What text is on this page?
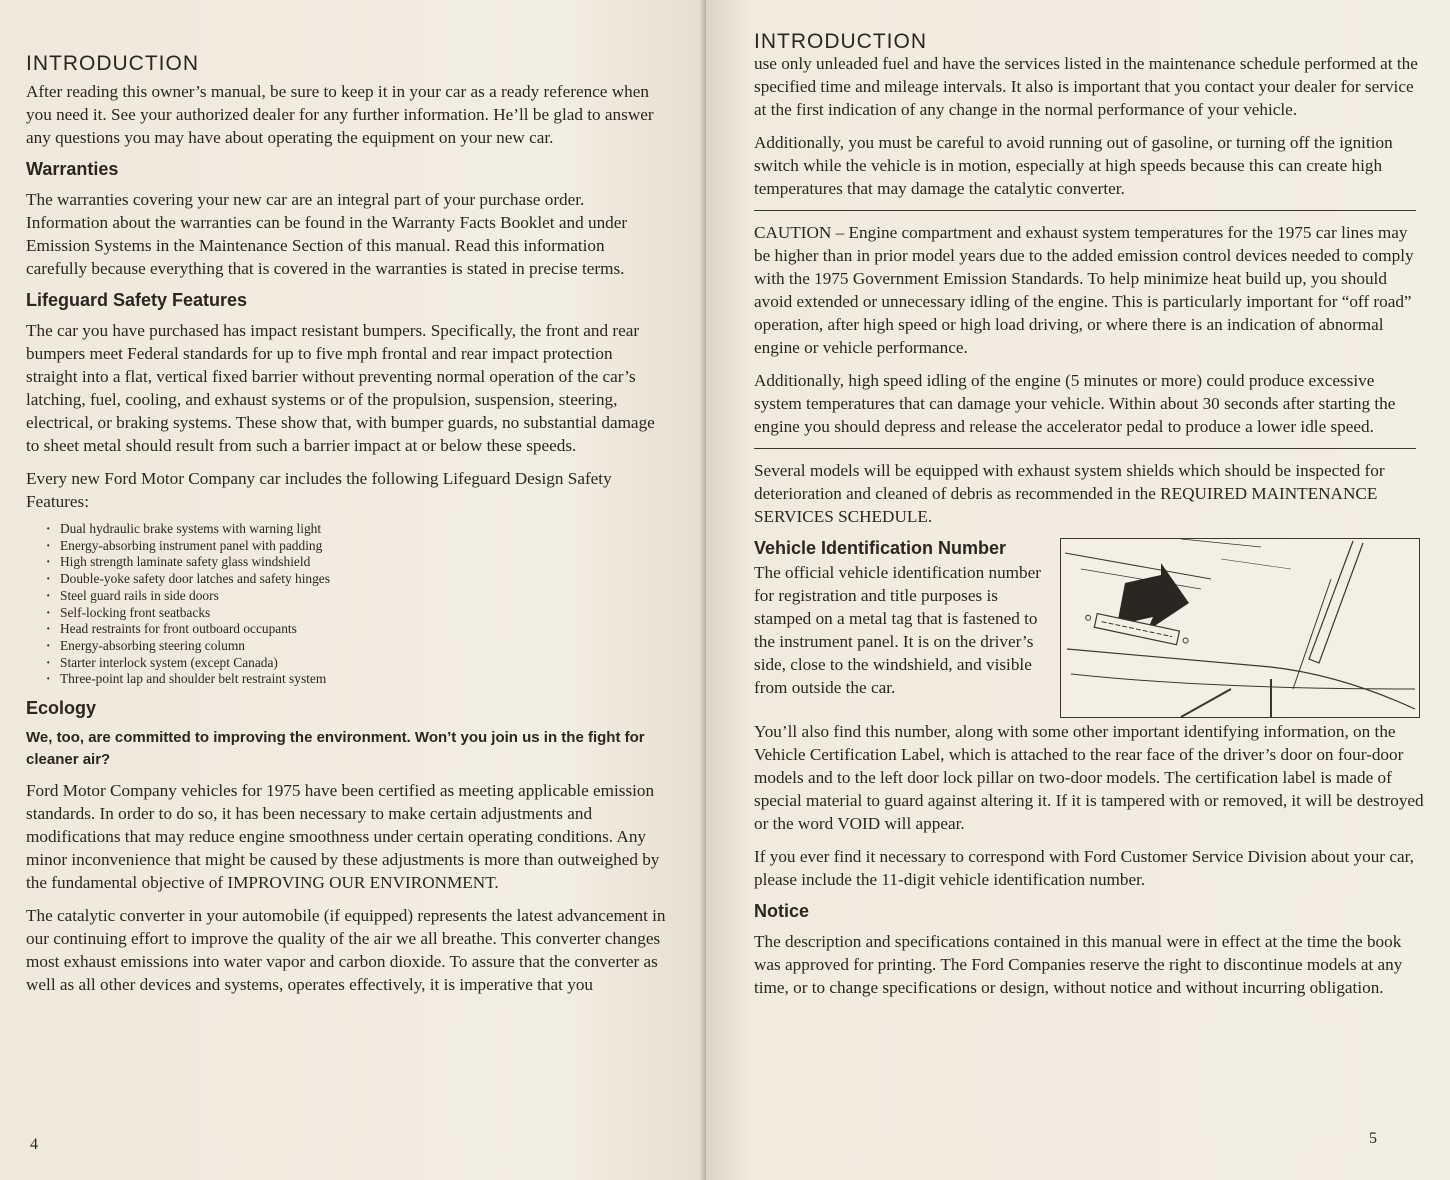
INTRODUCTION

After reading this owner’s manual, be sure to keep it in your car as a ready reference when you need it. See your authorized dealer for any further information. He’ll be glad to answer any questions you may have about operating the equipment on your new car.

Warranties

The warranties covering your new car are an integral part of your purchase order. Information about the warranties can be found in the Warranty Facts Booklet and under Emission Systems in the Maintenance Section of this manual. Read this information carefully because everything that is covered in the warranties is stated in precise terms.

Lifeguard Safety Features

The car you have purchased has impact resistant bumpers. Specifically, the front and rear bumpers meet Federal standards for up to five mph frontal and rear impact protection straight into a flat, vertical fixed barrier without preventing normal operation of the car’s latching, fuel, cooling, and exhaust systems or of the propulsion, suspension, steering, electrical, or braking systems. These show that, with bumper guards, no substantial damage to sheet metal should result from such a barrier impact at or below these speeds.

Every new Ford Motor Company car includes the following Lifeguard Design Safety Features:

· Dual hydraulic brake systems with warning light
· Energy-absorbing instrument panel with padding
· High strength laminate safety glass windshield
· Double-yoke safety door latches and safety hinges
· Steel guard rails in side doors
· Self-locking front seatbacks
· Head restraints for front outboard occupants
· Energy-absorbing steering column
· Starter interlock system (except Canada)
· Three-point lap and shoulder belt restraint system
Ecology

We, too, are committed to improving the environment. Won’t you join us in the fight for cleaner air?

Ford Motor Company vehicles for 1975 have been certified as meeting applicable emission standards. In order to do so, it has been necessary to make certain adjustments and modifications that may reduce engine smoothness under certain operating conditions. Any minor inconvenience that might be caused by these adjustments is more than outweighed by the fundamental objective of IMPROVING OUR ENVIRONMENT.

The catalytic converter in your automobile (if equipped) represents the latest advancement in our continuing effort to improve the quality of the air we all breathe. This converter changes most exhaust emissions into water vapor and carbon dioxide. To assure that the converter as well as all other devices and systems, operates effectively, it is imperative that you

4
INTRODUCTION

use only unleaded fuel and have the services listed in the maintenance schedule performed at the specified time and mileage intervals. It also is important that you contact your dealer for service at the first indication of any change in the normal performance of your vehicle.

Additionally, you must be careful to avoid running out of gasoline, or turning off the ignition switch while the vehicle is in motion, especially at high speeds because this can create high temperatures that may damage the catalytic converter.

CAUTION – Engine compartment and exhaust system temperatures for the 1975 car lines may be higher than in prior model years due to the added emission control devices needed to comply with the 1975 Government Emission Standards. To help minimize heat build up, you should avoid extended or unnecessary idling of the engine. This is particularly important for “off road” operation, after high speed or high load driving, or where there is an indication of abnormal engine or vehicle performance.

Additionally, high speed idling of the engine (5 minutes or more) could produce excessive system temperatures that can damage your vehicle. Within about 30 seconds after starting the engine you should depress and release the accelerator pedal to produce a lower idle speed.

Several models will be equipped with exhaust system shields which should be inspected for deterioration and cleaned of debris as recommended in the REQUIRED MAINTENANCE SERVICES SCHEDULE.

Vehicle Identification Number

The official vehicle identification number for registration and title purposes is stamped on a metal tag that is fastened to the instrument panel. It is on the driver’s side, close to the windshield, and visible from outside the car.

You’ll also find this number, along with some other important identifying information, on the Vehicle Certification Label, which is attached to the rear face of the driver’s door on four-door models and to the left door lock pillar on two-door models. The certification label is made of special material to guard against altering it. If it is tampered with or removed, it will be destroyed or the word VOID will appear.

If you ever find it necessary to correspond with Ford Customer Service Division about your car, please include the 11-digit vehicle identification number.

Notice

The description and specifications contained in this manual were in effect at the time the book was approved for printing. The Ford Companies reserve the right to discontinue models at any time, or to change specifications or design, without notice and without incurring obligation.

5
